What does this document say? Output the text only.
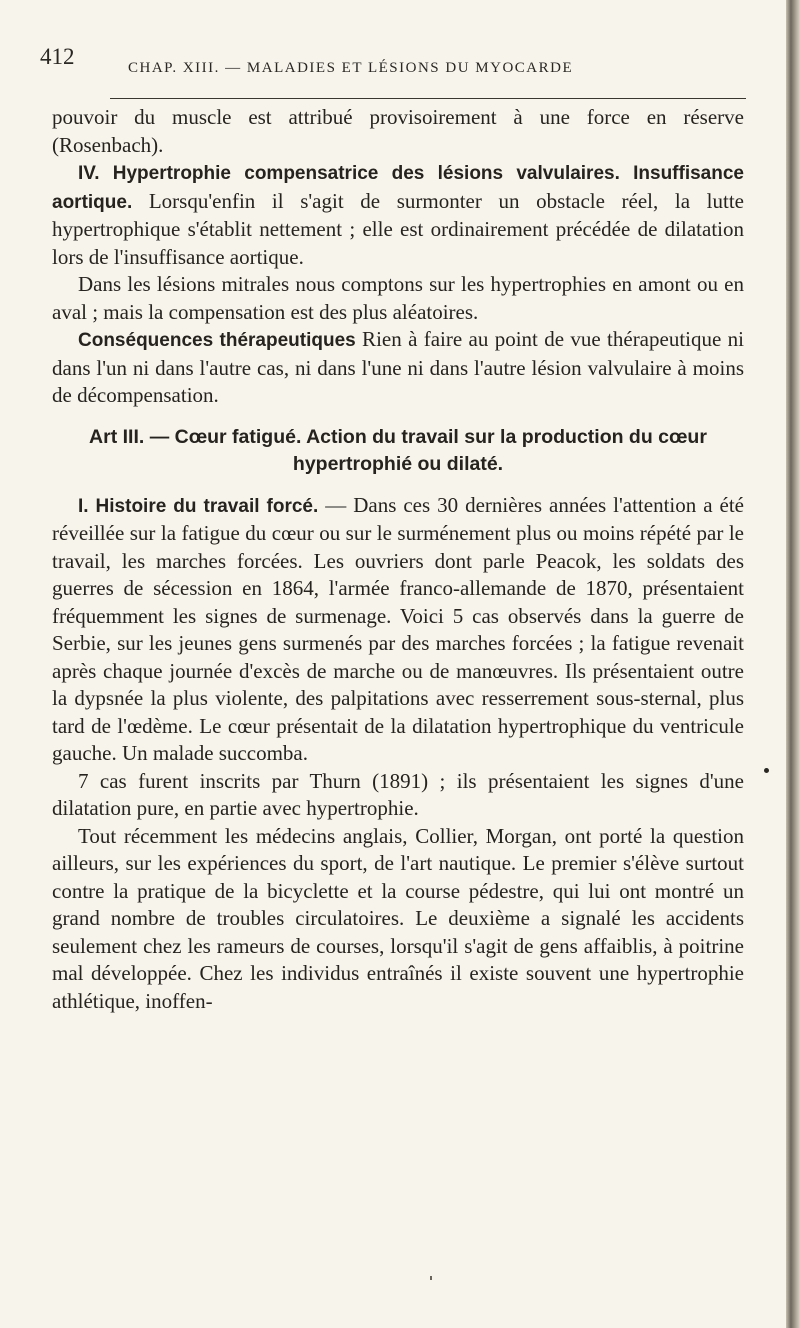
412	CHAP. XIII. — MALADIES ET LÉSIONS DU MYOCARDE

pouvoir du muscle est attribué provisoirement à une force en réserve (Rosenbach).

IV. Hypertrophie compensatrice des lésions valvulaires. Insuffisance aortique. Lorsqu'enfin il s'agit de surmonter un obstacle réel, la lutte hypertrophique s'établit nettement ; elle est ordinairement précédée de dilatation lors de l'insuffisance aortique.

Dans les lésions mitrales nous comptons sur les hypertrophies en amont ou en aval ; mais la compensation est des plus aléatoires.

Conséquences thérapeutiques Rien à faire au point de vue thérapeutique ni dans l'un ni dans l'autre cas, ni dans l'une ni dans l'autre lésion valvulaire à moins de décompensation.

Art III. — Cœur fatigué. Action du travail sur la production du cœur hypertrophié ou dilaté.

I. Histoire du travail forcé. — Dans ces 30 dernières années l'attention a été réveillée sur la fatigue du cœur ou sur le surménement plus ou moins répété par le travail, les marches forcées. Les ouvriers dont parle Peacok, les soldats des guerres de sécession en 1864, l'armée franco-allemande de 1870, présentaient fréquemment les signes de surmenage. Voici 5 cas observés dans la guerre de Serbie, sur les jeunes gens surmenés par des marches forcées ; la fatigue revenait après chaque journée d'excès de marche ou de manœuvres. Ils présentaient outre la dypsnée la plus violente, des palpitations avec resserrement sous-sternal, plus tard de l'œdème. Le cœur présentait de la dilatation hypertrophique du ventricule gauche. Un malade succomba.

7 cas furent inscrits par Thurn (1891) ; ils présentaient les signes d'une dilatation pure, en partie avec hypertrophie.

Tout récemment les médecins anglais, Collier, Morgan, ont porté la question ailleurs, sur les expériences du sport, de l'art nautique. Le premier s'élève surtout contre la pratique de la bicyclette et la course pédestre, qui lui ont montré un grand nombre de troubles circulatoires. Le deuxième a signalé les accidents seulement chez les rameurs de courses, lorsqu'il s'agit de gens affaiblis, à poitrine mal développée. Chez les individus entraînés il existe souvent une hypertrophie athlétique, inoffen-
